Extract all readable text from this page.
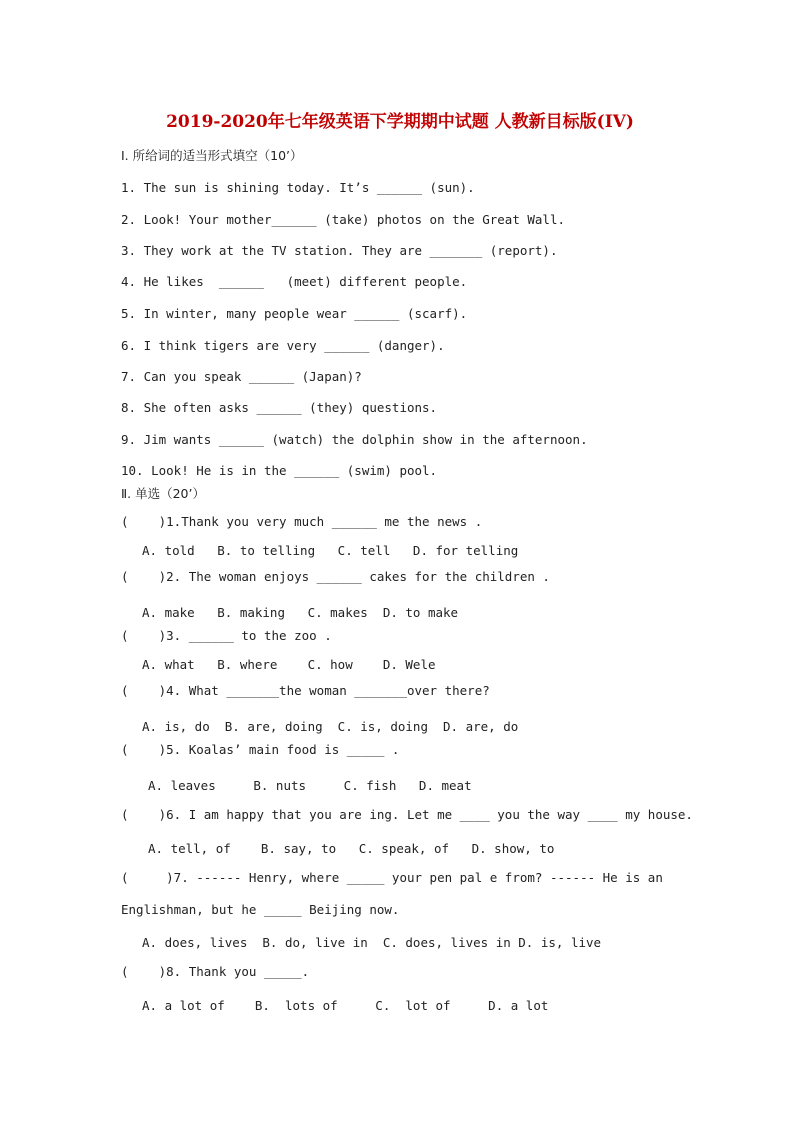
2019-2020年七年级英语下学期期中试题 人教新目标版(IV)
Ⅰ. 所给词的适当形式填空（10’）
1. The sun is shining today. It’s ______ (sun).
2. Look! Your mother______ (take) photos on the Great Wall.
3. They work at the TV station. They are _______ (report).
4. He likes  ______   (meet) different people.
5. In winter, many people wear ______ (scarf).
6. I think tigers are very ______ (danger).
7. Can you speak ______ (Japan)?
8. She often asks ______ (they) questions.
9. Jim wants ______ (watch) the dolphin show in the afternoon.
10. Look! He is in the ______ (swim) pool.
Ⅱ. 单选（20’）
(    )1.Thank you very much ______ me the news .
A. told   B. to telling   C. tell   D. for telling
(    )2. The woman enjoys ______ cakes for the children .
A. make   B. making   C. makes  D. to make
(    )3. ______ to the zoo .
A. what   B. where    C. how    D. Wele
(    )4. What _______the woman _______over there?
A. is, do  B. are, doing  C. is, doing  D. are, do
(    )5. Koalas’ main food is _____ .
A. leaves     B. nuts     C. fish   D. meat
(    )6. I am happy that you are ing. Let me ____ you the way ____ my house.
A. tell, of    B. say, to   C. speak, of   D. show, to
(     )7. ------ Henry, where _____ your pen pal e from? ------ He is an
Englishman, but he _____ Beijing now.
A. does, lives  B. do, live in  C. does, lives in D. is, live
(    )8. Thank you _____.
A. a lot of    B.  lots of     C.  lot of     D. a lot
